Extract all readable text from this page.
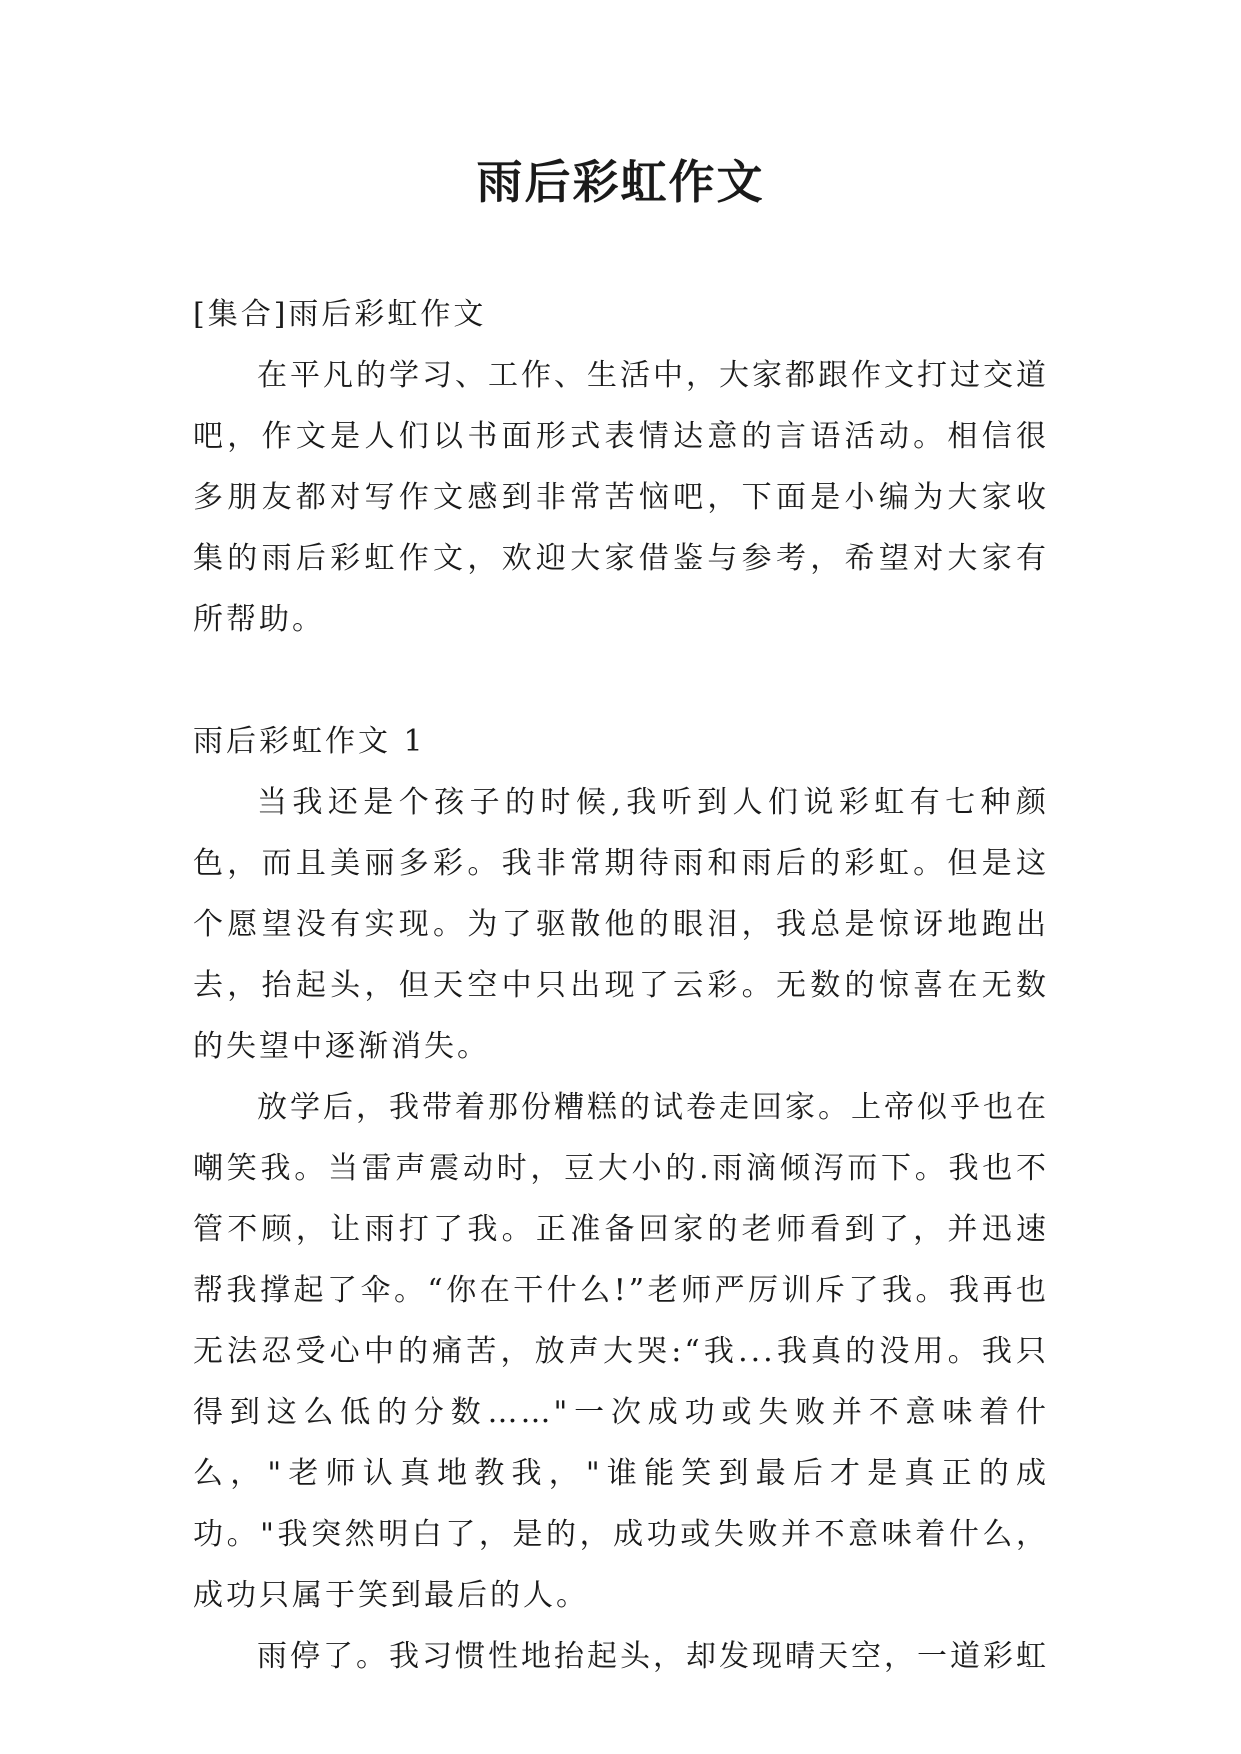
雨后彩虹作文

[集合]雨后彩虹作文

在平凡的学习、工作、生活中，大家都跟作文打过交道吧，作文是人们以书面形式表情达意的言语活动。相信很多朋友都对写作文感到非常苦恼吧，下面是小编为大家收集的雨后彩虹作文，欢迎大家借鉴与参考，希望对大家有所帮助。

雨后彩虹作文 1

当我还是个孩子的时候,我听到人们说彩虹有七种颜色，而且美丽多彩。我非常期待雨和雨后的彩虹。但是这个愿望没有实现。为了驱散他的眼泪，我总是惊讶地跑出去，抬起头，但天空中只出现了云彩。无数的惊喜在无数的失望中逐渐消失。

放学后，我带着那份糟糕的试卷走回家。上帝似乎也在嘲笑我。当雷声震动时，豆大小的.雨滴倾泻而下。我也不管不顾，让雨打了我。正准备回家的老师看到了，并迅速帮我撑起了伞。“你在干什么!”老师严厉训斥了我。我再也无法忍受心中的痛苦，放声大哭:“我...我真的没用。我只得到这么低的分数……"一次成功或失败并不意味着什么，"老师认真地教我，"谁能笑到最后才是真正的成功。"我突然明白了，是的，成功或失败并不意味着什么，成功只属于笑到最后的人。

雨停了。我习惯性地抬起头，却发现晴天空，一道彩虹
